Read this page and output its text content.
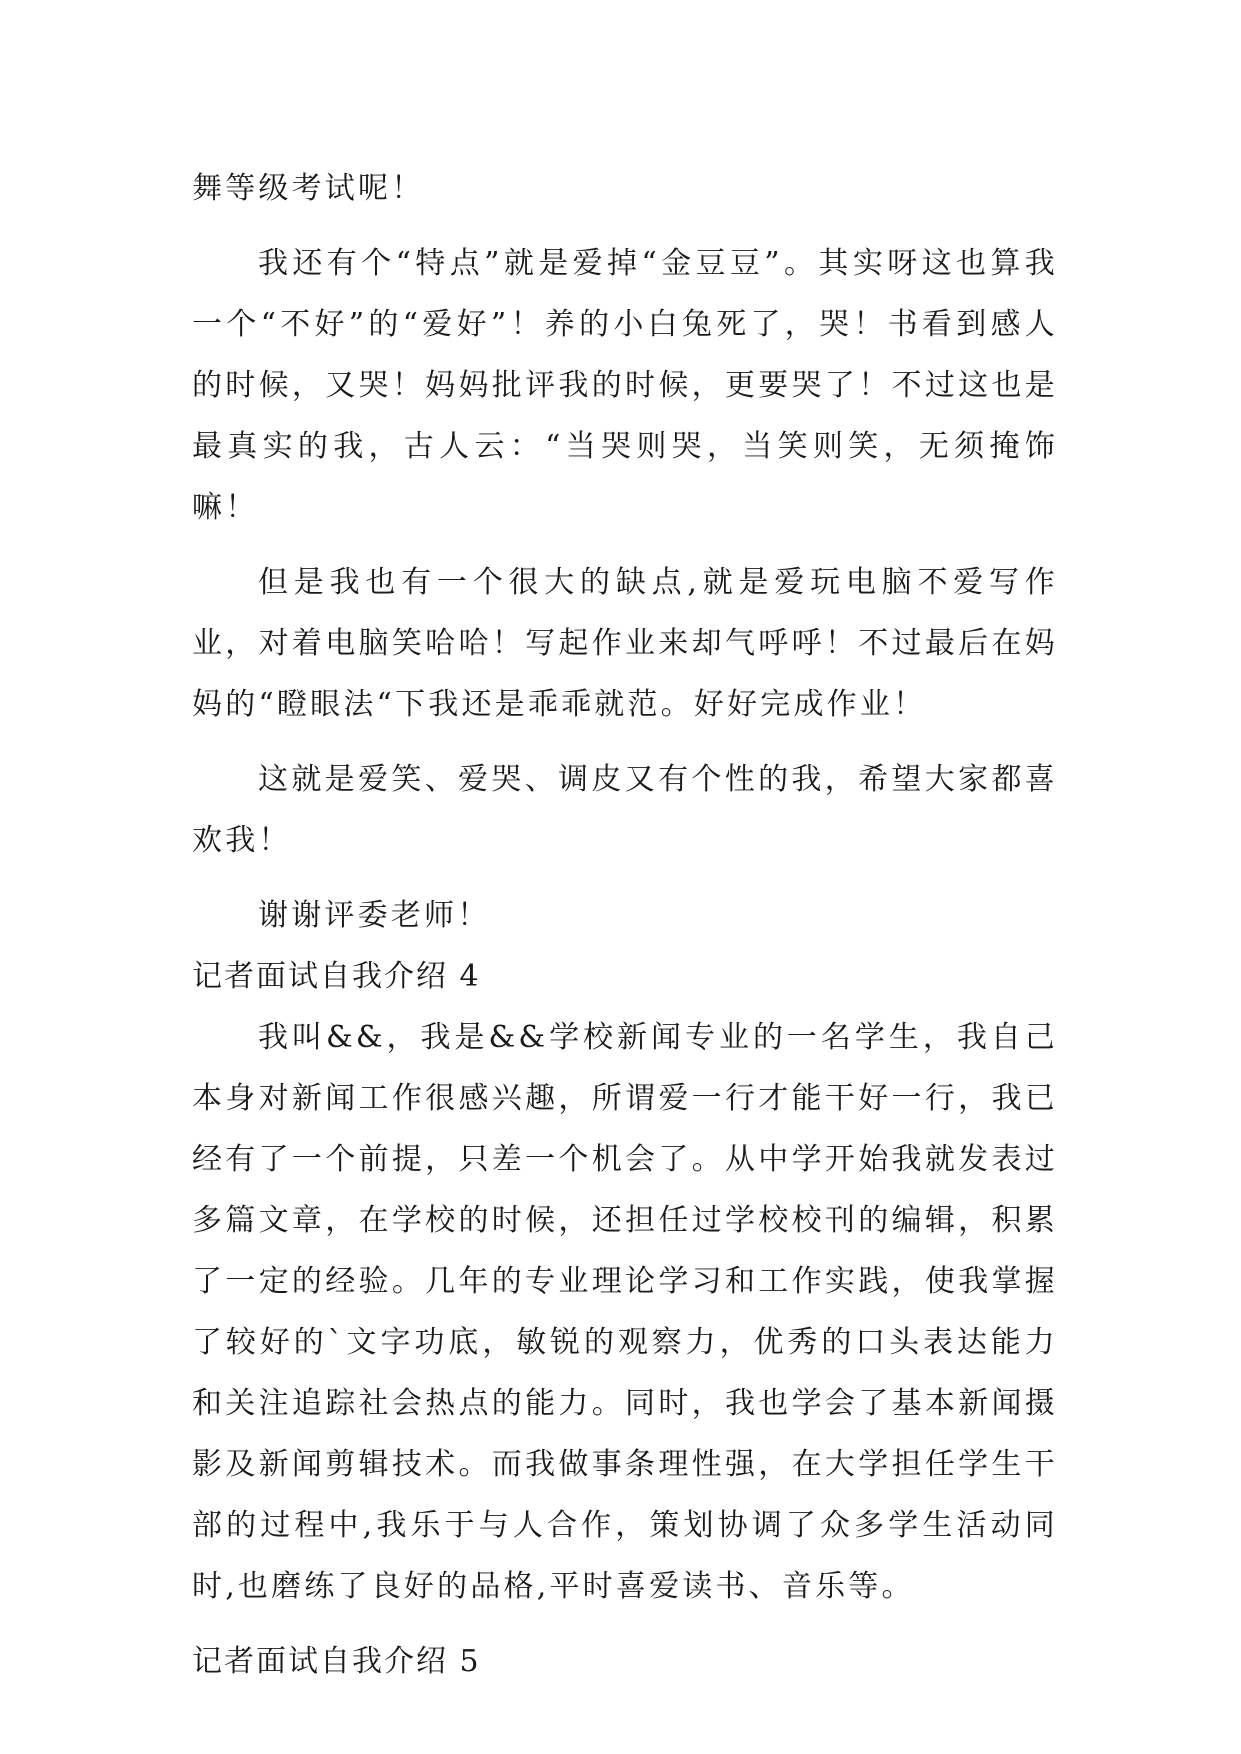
舞等级考试呢！

我还有个“特点”就是爱掉“金豆豆”。其实呀这也算我一个“不好”的“爱好”！养的小白兔死了，哭！书看到感人的时候，又哭！妈妈批评我的时候，更要哭了！不过这也是最真实的我，古人云：“当哭则哭，当笑则笑，无须掩饰嘛！

但是我也有一个很大的缺点,就是爱玩电脑不爱写作业，对着电脑笑哈哈！写起作业来却气呼呼！不过最后在妈妈的“瞪眼法“下我还是乖乖就范。好好完成作业！

这就是爱笑、爱哭、调皮又有个性的我，希望大家都喜欢我！

谢谢评委老师！

记者面试自我介绍 4

我叫&&，我是&&学校新闻专业的一名学生，我自己本身对新闻工作很感兴趣，所谓爱一行才能干好一行，我已经有了一个前提，只差一个机会了。从中学开始我就发表过多篇文章，在学校的时候，还担任过学校校刊的编辑，积累了一定的经验。几年的专业理论学习和工作实践，使我掌握了较好的`文字功底，敏锐的观察力，优秀的口头表达能力和关注追踪社会热点的能力。同时，我也学会了基本新闻摄影及新闻剪辑技术。而我做事条理性强，在大学担任学生干部的过程中,我乐于与人合作，策划协调了众多学生活动同时,也磨练了良好的品格,平时喜爱读书、音乐等。

记者面试自我介绍 5
